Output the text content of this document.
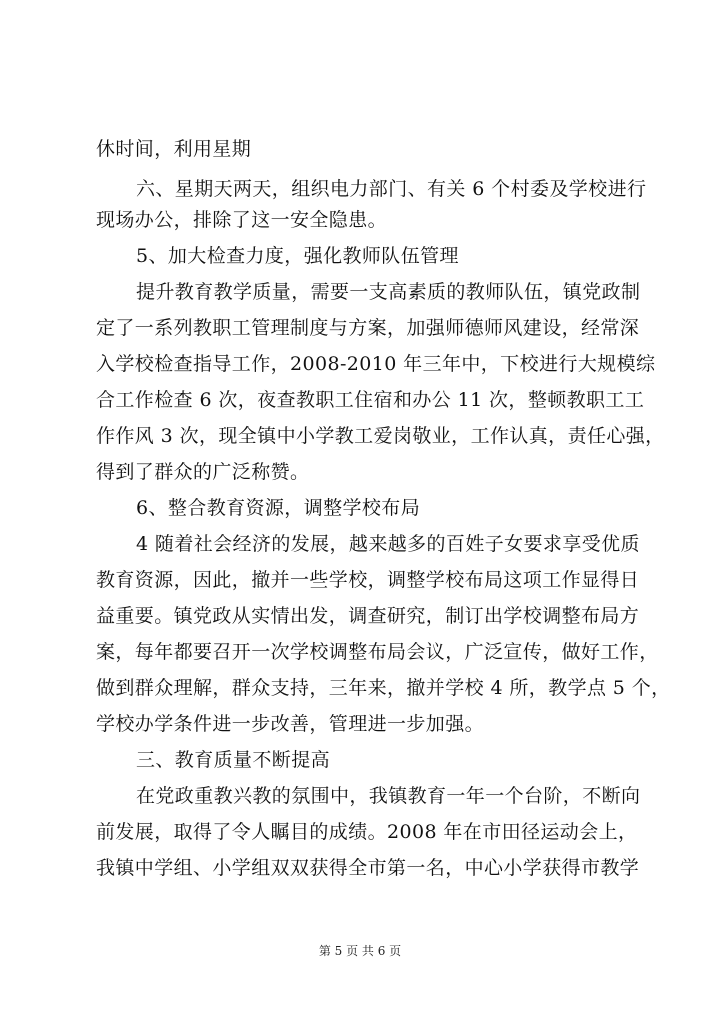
休时间，利用星期
六、星期天两天，组织电力部门、有关 6 个村委及学校进行
现场办公，排除了这一安全隐患。
5、加大检查力度，强化教师队伍管理
提升教育教学质量，需要一支高素质的教师队伍，镇党政制
定了一系列教职工管理制度与方案，加强师德师风建设，经常深
入学校检查指导工作，2008-2010 年三年中，下校进行大规模综
合工作检查 6 次，夜查教职工住宿和办公 11 次，整顿教职工工
作作风 3 次，现全镇中小学教工爱岗敬业，工作认真，责任心强，
得到了群众的广泛称赞。
6、整合教育资源，调整学校布局
4 随着社会经济的发展，越来越多的百姓子女要求享受优质
教育资源，因此，撤并一些学校，调整学校布局这项工作显得日
益重要。镇党政从实情出发，调查研究，制订出学校调整布局方
案，每年都要召开一次学校调整布局会议，广泛宣传，做好工作，
做到群众理解，群众支持，三年来，撤并学校 4 所，教学点 5 个，
学校办学条件进一步改善，管理进一步加强。
三、教育质量不断提高
在党政重教兴教的氛围中，我镇教育一年一个台阶，不断向
前发展，取得了令人瞩目的成绩。2008 年在市田径运动会上，
我镇中学组、小学组双双获得全市第一名，中心小学获得市教学
第 5 页 共 6 页
